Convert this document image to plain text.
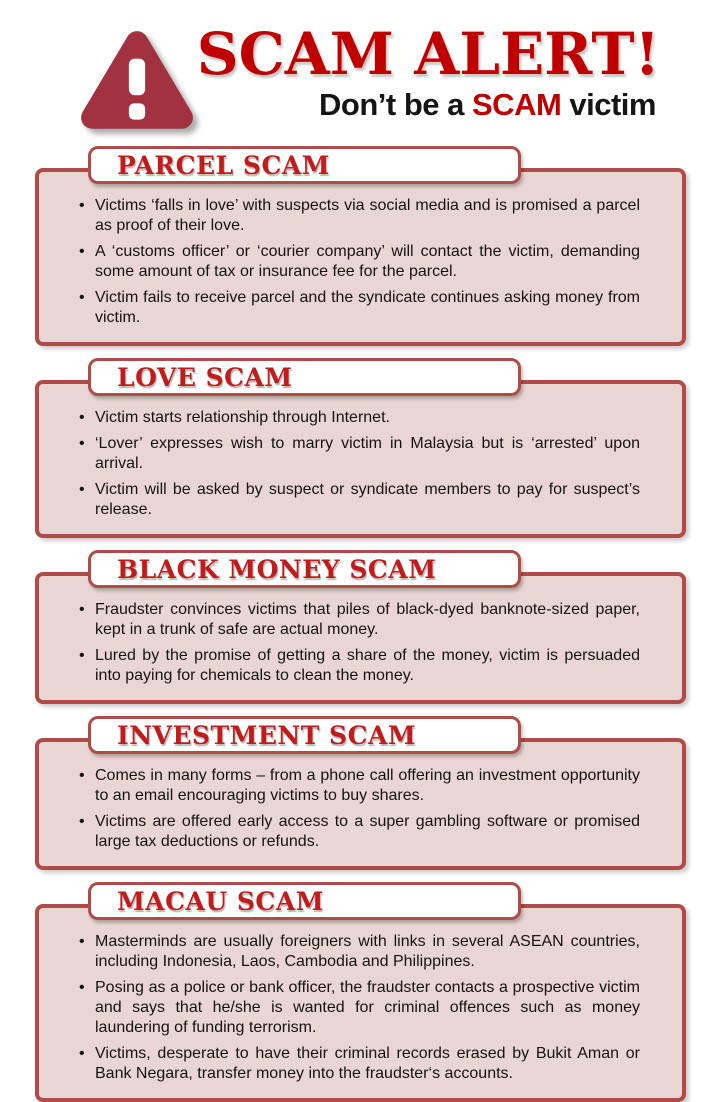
SCAM ALERT!
Don’t be a SCAM victim
PARCEL SCAM
• Victims ‘falls in love’ with suspects via social media and is promised a parcel as proof of their love.
• A ‘customs officer’ or ‘courier company’ will contact the victim, demanding some amount of tax or insurance fee for the parcel.
• Victim fails to receive parcel and the syndicate continues asking money from victim.
LOVE SCAM
• Victim starts relationship through Internet.
• ‘Lover’ expresses wish to marry victim in Malaysia but is ‘arrested’ upon arrival.
• Victim will be asked by suspect or syndicate members to pay for suspect’s release.
BLACK MONEY SCAM
• Fraudster convinces victims that piles of black-dyed banknote-sized paper, kept in a trunk of safe are actual money.
• Lured by the promise of getting a share of the money, victim is persuaded into paying for chemicals to clean the money.
INVESTMENT SCAM
• Comes in many forms – from a phone call offering an investment opportunity to an email encouraging victims to buy shares.
• Victims are offered early access to a super gambling software or promised large tax deductions or refunds.
MACAU SCAM
• Masterminds are usually foreigners with links in several ASEAN countries, including Indonesia, Laos, Cambodia and Philippines.
• Posing as a police or bank officer, the fraudster contacts a prospective victim and says that he/she is wanted for criminal offences such as money laundering of funding terrorism.
• Victims, desperate to have their criminal records erased by Bukit Aman or Bank Negara, transfer money into the fraudster‘s accounts.
